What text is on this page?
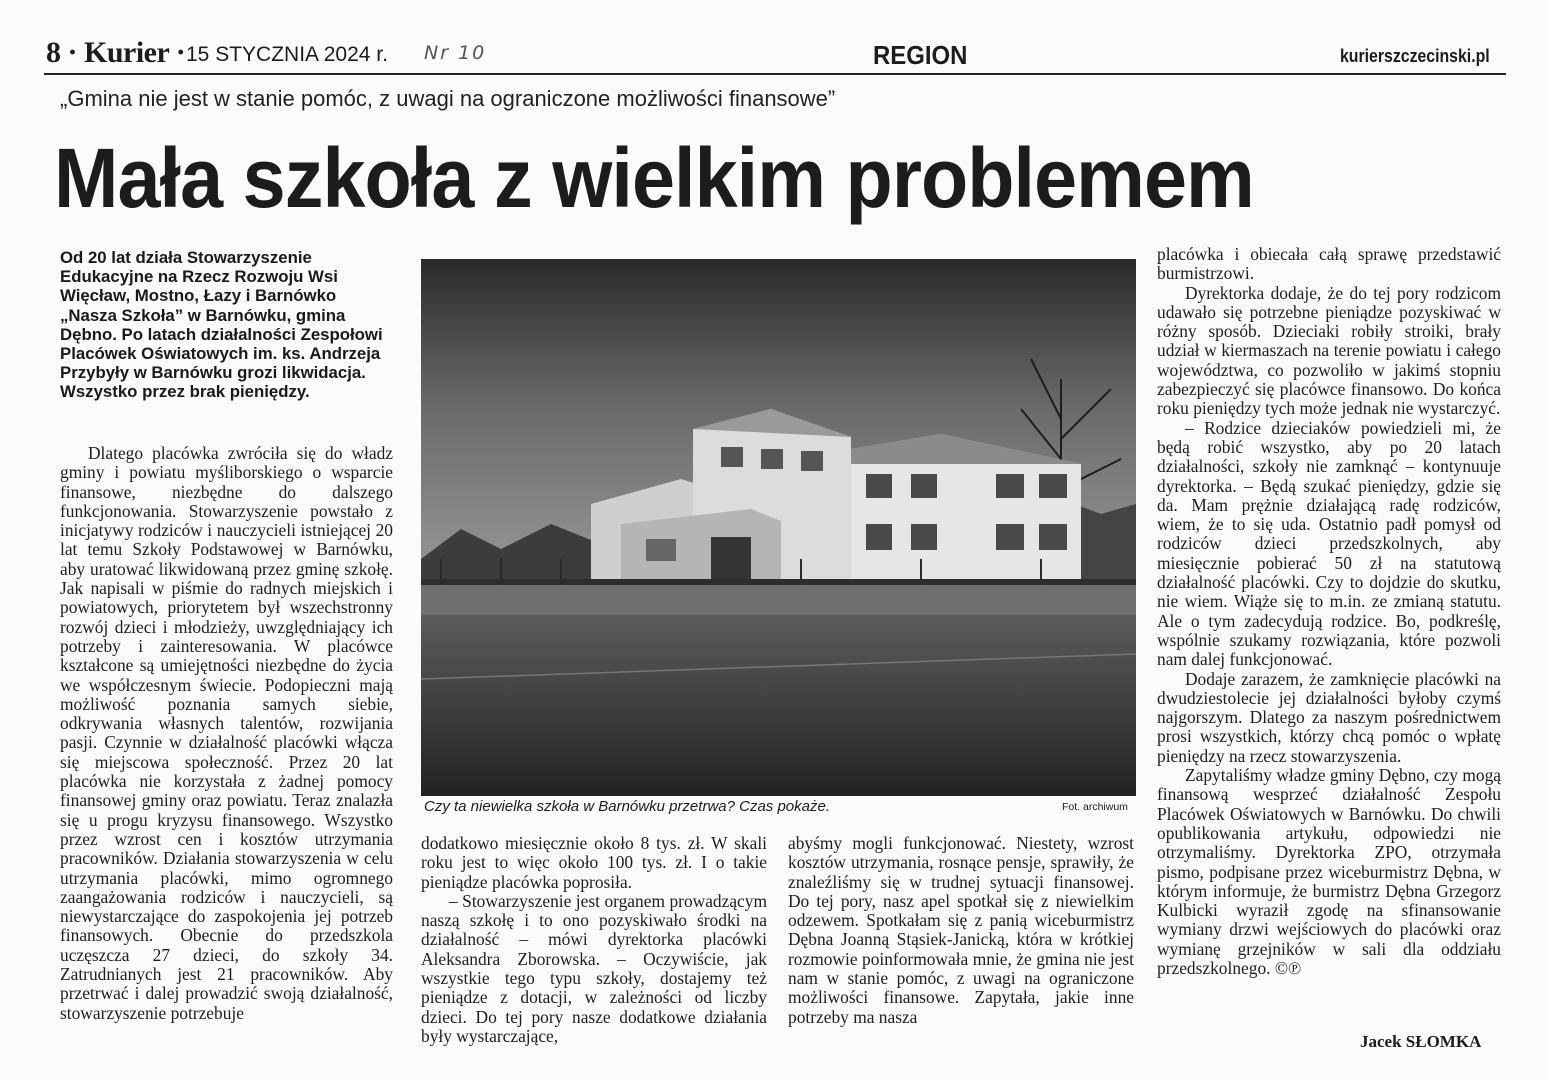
8 · Kurier · 15 STYCZNIA 2024 r. Nr 10	REGION	kurierszczecinski.pl
„Gmina nie jest w stanie pomóc, z uwagi na ograniczone możliwości finansowe”
Mała szkoła z wielkim problemem
Od 20 lat działa Stowarzyszenie Edukacyjne na Rzecz Rozwoju Wsi Więcław, Mostno, Łazy i Barnówko „Nasza Szkoła” w Barnówku, gmina Dębno. Po latach działalności Zespołowi Placówek Oświatowych im. ks. Andrzeja Przybyły w Barnówku grozi likwidacja. Wszystko przez brak pieniędzy.

Dlatego placówka zwróciła się do władz gminy i powiatu myśliborskiego o wsparcie finansowe, niezbędne do dalszego funkcjonowania. Stowarzyszenie powstało z inicjatywy rodziców i nauczycieli istniejącej 20 lat temu Szkoły Podstawowej w Barnówku, aby uratować likwidowaną przez gminę szkołę. Jak napisali w piśmie do radnych miejskich i powiatowych, priorytetem był wszechstronny rozwój dzieci i młodzieży, uwzględniający ich potrzeby i zainteresowania. W placówce kształcone są umiejętności niezbędne do życia we współczesnym świecie. Podopieczni mają możliwość poznania samych siebie, odkrywania własnych talentów, rozwijania pasji. Czynnie w działalność placówki włącza się miejscowa społeczność. Przez 20 lat placówka nie korzystała z żadnej pomocy finansowej gminy oraz powiatu. Teraz znalazła się u progu kryzysu finansowego. Wszystko przez wzrost cen i kosztów utrzymania pracowników. Działania stowarzyszenia w celu utrzymania placówki, mimo ogromnego zaangażowania rodziców i nauczycieli, są niewystarczające do zaspokojenia jej potrzeb finansowych. Obecnie do przedszkola uczęszcza 27 dzieci, do szkoły 34. Zatrudnianych jest 21 pracowników. Aby przetrwać i dalej prowadzić swoją działalność, stowarzyszenie potrzebuje

Czy ta niewielka szkoła w Barnówku przetrwa? Czas pokaże.	Fot. archiwum

dodatkowo miesięcznie około 8 tys. zł. W skali roku jest to więc około 100 tys. zł. I o takie pieniądze placówka poprosiła.

– Stowarzyszenie jest organem prowadzącym naszą szkołę i to ono pozyskiwało środki na działalność – mówi dyrektorka placówki Aleksandra Zborowska. – Oczywiście, jak wszystkie tego typu szkoły, dostajemy też pieniądze z dotacji, w zależności od liczby dzieci. Do tej pory nasze dodatkowe działania były wystarczające,

abyśmy mogli funkcjonować. Niestety, wzrost kosztów utrzymania, rosnące pensje, sprawiły, że znaleźliśmy się w trudnej sytuacji finansowej. Do tej pory, nasz apel spotkał się z niewielkim odzewem. Spotkałam się z panią wiceburmistrz Dębna Joanną Stąsiek-Janicką, która w krótkiej rozmowie poinformowała mnie, że gmina nie jest nam w stanie pomóc, z uwagi na ograniczone możliwości finansowe. Zapytała, jakie inne potrzeby ma nasza

placówka i obiecała całą sprawę przedstawić burmistrzowi.

Dyrektorka dodaje, że do tej pory rodzicom udawało się potrzebne pieniądze pozyskiwać w różny sposób. Dzieciaki robiły stroiki, brały udział w kiermaszach na terenie powiatu i całego województwa, co pozwoliło w jakimś stopniu zabezpieczyć się placówce finansowo. Do końca roku pieniędzy tych może jednak nie wystarczyć.

– Rodzice dzieciaków powiedzieli mi, że będą robić wszystko, aby po 20 latach działalności, szkoły nie zamknąć – kontynuuje dyrektorka. – Będą szukać pieniędzy, gdzie się da. Mam prężnie działającą radę rodziców, wiem, że to się uda. Ostatnio padł pomysł od rodziców dzieci przedszkolnych, aby miesięcznie pobierać 50 zł na statutową działalność placówki. Czy to dojdzie do skutku, nie wiem. Wiąże się to m.in. ze zmianą statutu. Ale o tym zadecydują rodzice. Bo, podkreślę, wspólnie szukamy rozwiązania, które pozwoli nam dalej funkcjonować.

Dodaje zarazem, że zamknięcie placówki na dwudziestolecie jej działalności byłoby czymś najgorszym. Dlatego za naszym pośrednictwem prosi wszystkich, którzy chcą pomóc o wpłatę pieniędzy na rzecz stowarzyszenia.

Zapytaliśmy władze gminy Dębno, czy mogą finansową wesprzeć działalność Zespołu Placówek Oświatowych w Barnówku. Do chwili opublikowania artykułu, odpowiedzi nie otrzymaliśmy. Dyrektorka ZPO, otrzymała pismo, podpisane przez wiceburmistrz Dębna, w którym informuje, że burmistrz Dębna Grzegorz Kulbicki wyraził zgodę na sfinansowanie wymiany drzwi wejściowych do placówki oraz wymianę grzejników w sali dla oddziału przedszkolnego. ©℗

Jacek SŁOMKA
